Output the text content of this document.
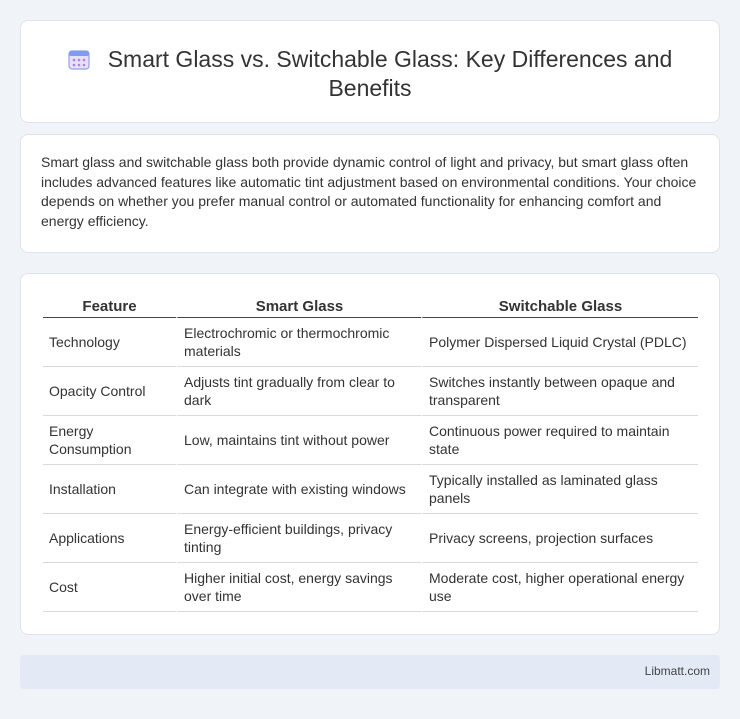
Smart Glass vs. Switchable Glass: Key Differences and Benefits

Smart glass and switchable glass both provide dynamic control of light and privacy, but smart glass often includes advanced features like automatic tint adjustment based on environmental conditions. Your choice depends on whether you prefer manual control or automated functionality for enhancing comfort and energy efficiency.

Feature	Smart Glass	Switchable Glass
Technology	Electrochromic or thermochromic materials	Polymer Dispersed Liquid Crystal (PDLC)
Opacity Control	Adjusts tint gradually from clear to dark	Switches instantly between opaque and transparent
Energy Consumption	Low, maintains tint without power	Continuous power required to maintain state
Installation	Can integrate with existing windows	Typically installed as laminated glass panels
Applications	Energy-efficient buildings, privacy tinting	Privacy screens, projection surfaces
Cost	Higher initial cost, energy savings over time	Moderate cost, higher operational energy use
Libmatt.com
